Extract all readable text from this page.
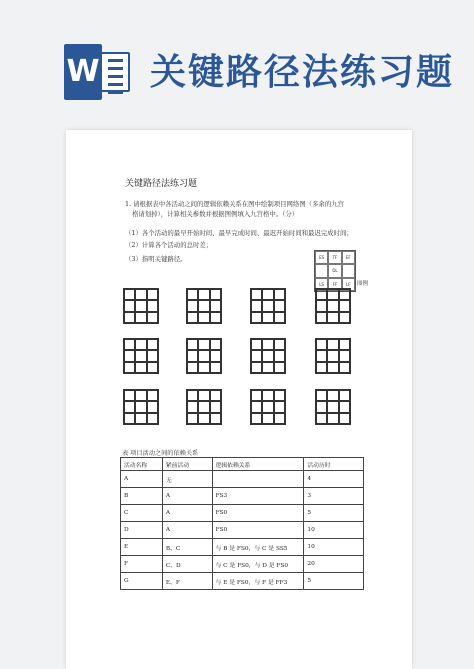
W 关键路径法练习题
关键路径法练习题
1. 请根据表中各活动之间的逻辑依赖关系在图中绘制项目网络图（多余的九宫
格请划掉），计算相关参数并根据图例填入九宫格中。（分）
（1）各个活动的最早开始时间、最早完成时间、最迟开始时间和最迟完成时间；
（2）计算各个活动的总时差；
（3）指明关键路径。	ES	TF	EF
DL
LS	FF	LF	图例
表 项目活动之间的依赖关系
活动名称	紧前活动	逻辑依赖关系	活动历时
A	无		4
B	A	FS3	3
C	A	FS0	5
D	A	FS0	10
E	B、C	与 B 是 FS0，与 C 是 SS5	10
F	C、D	与 C 是 FS0，与 D 是 FS0	20
G	E、F	与 E 是 FS0，与 F 是 FF3	5
